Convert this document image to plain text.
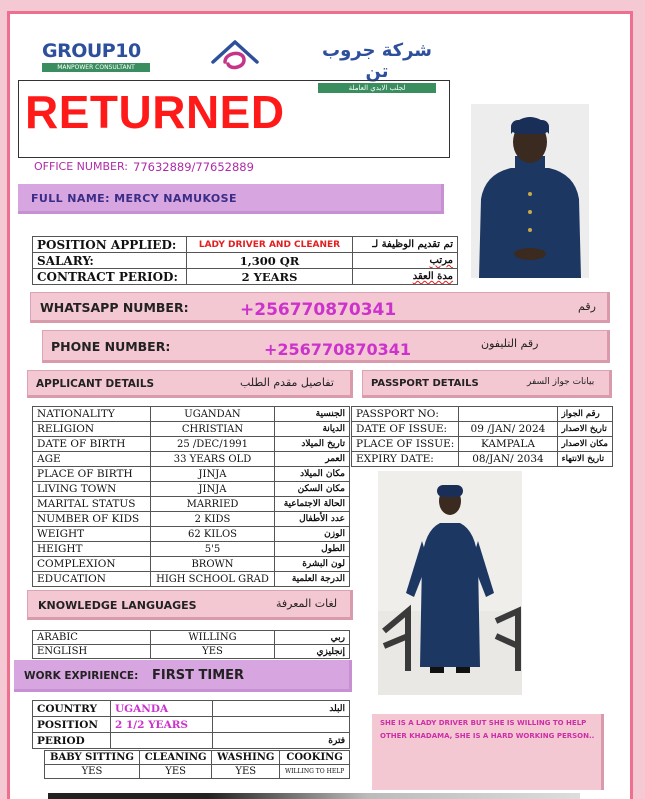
GROUP10
MANPOWER CONSULTANT
شركة جروب تن
لجلب الايدي العاملة
RETURNED
OFFICE NUMBER: 77632889/77652889
FULL NAME: MERCY NAMUKOSE
POSITION APPLIED:	LADY DRIVER AND CLEANER	تم تقديم الوظيفة لـ
SALARY:	1,300 QR	مرتب
CONTRACT PERIOD:	2 YEARS	مدة العقد
WHATSAPP NUMBER:	+256770870341	رقم
PHONE NUMBER:	+256770870341	رقم التليفون
APPLICANT DETAILS	تفاصيل مقدم الطلب	PASSPORT DETAILS	بيانات جواز السفر
NATIONALITY	UGANDAN	الجنسية
RELIGION	CHRISTIAN	الديانة
DATE OF BIRTH	25 /DEC/1991	تاريخ الميلاد
AGE	33 YEARS OLD	العمر
PLACE OF BIRTH	JINJA	مكان الميلاد
LIVING TOWN	JINJA	مكان السكن
MARITAL STATUS	MARRIED	الحالة الاجتماعية
NUMBER OF KIDS	2 KIDS	عدد الأطفال
WEIGHT	62 KILOS	الوزن
HEIGHT	5'5	الطول
COMPLEXION	BROWN	لون البشرة
EDUCATION	HIGH SCHOOL GRAD	الدرجة العلمية
PASSPORT NO:		رقم الجواز
DATE OF ISSUE:	09 /JAN/ 2024	تاريخ الاصدار
PLACE OF ISSUE:	KAMPALA	مكان الاصدار
EXPIRY DATE:	08/JAN/ 2034	تاريخ الانتهاء
KNOWLEDGE LANGUAGES	لغات المعرفة
ARABIC	WILLING	ربي
ENGLISH	YES	إنجليزي
WORK EXPIRIENCE: FIRST TIMER
COUNTRY	UGANDA	البلد
POSITION	2 1/2 YEARS	
PERIOD		فترة
BABY SITTING	CLEANING	WASHING	COOKING
YES	YES	YES	WILLING TO HELP
SHE IS A LADY DRIVER BUT SHE IS WILLING TO HELP OTHER KHADAMA, SHE IS A HARD WORKING PERSON..
